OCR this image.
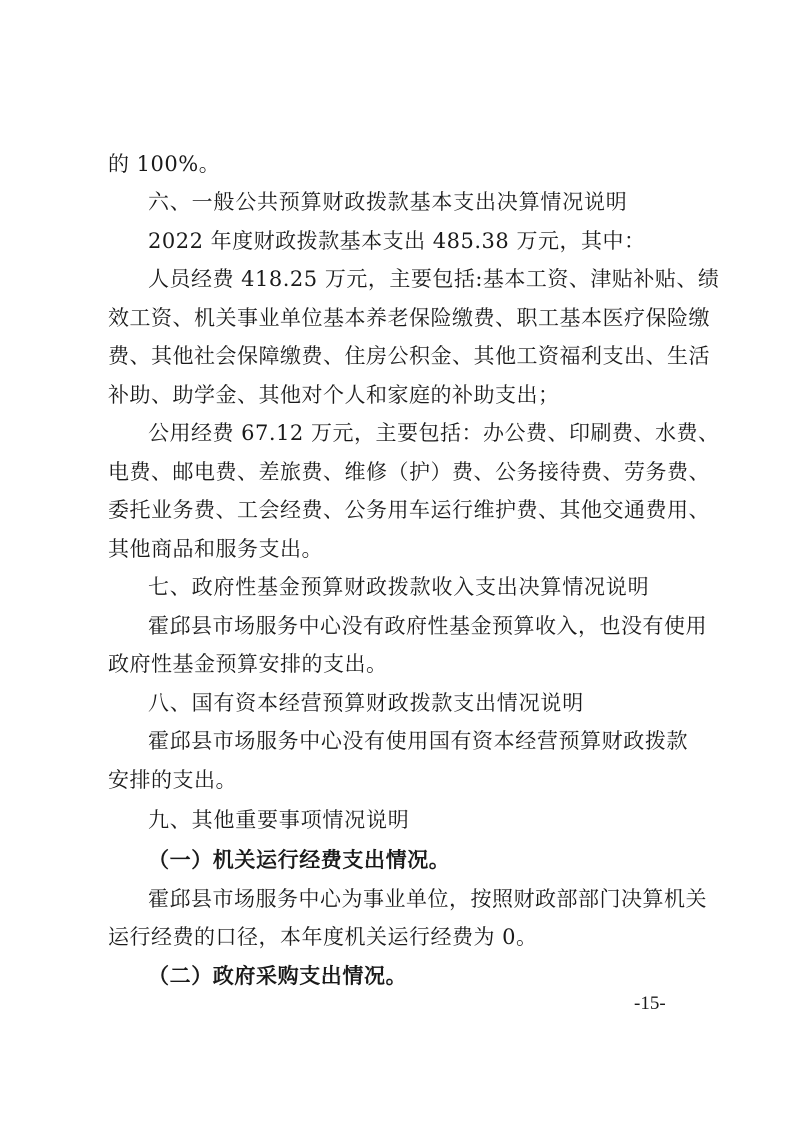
的 100%。

六、一般公共预算财政拨款基本支出决算情况说明

2022 年度财政拨款基本支出 485.38 万元，其中：

人员经费 418.25 万元，主要包括:基本工资、津贴补贴、绩

效工资、机关事业单位基本养老保险缴费、职工基本医疗保险缴

费、其他社会保障缴费、住房公积金、其他工资福利支出、生活

补助、助学金、其他对个人和家庭的补助支出；

公用经费 67.12 万元，主要包括：办公费、印刷费、水费、

电费、邮电费、差旅费、维修（护）费、公务接待费、劳务费、

委托业务费、工会经费、公务用车运行维护费、其他交通费用、

其他商品和服务支出。

七、政府性基金预算财政拨款收入支出决算情况说明

霍邱县市场服务中心没有政府性基金预算收入，也没有使用

政府性基金预算安排的支出。

八、国有资本经营预算财政拨款支出情况说明

霍邱县市场服务中心没有使用国有资本经营预算财政拨款

安排的支出。

九、其他重要事项情况说明

（一）机关运行经费支出情况。

霍邱县市场服务中心为事业单位，按照财政部部门决算机关

运行经费的口径，本年度机关运行经费为 0。

（二）政府采购支出情况。

-15-
